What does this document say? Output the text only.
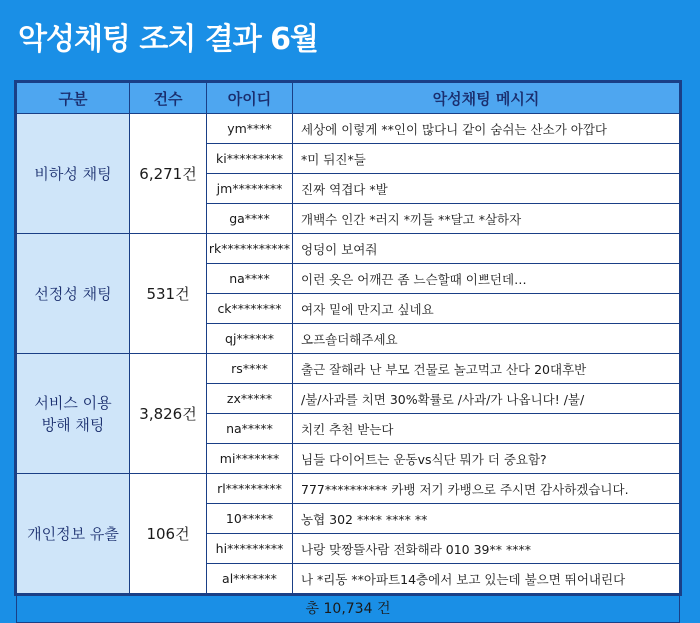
악성채팅 조치 결과 6월
구분	건수	아이디	악성채팅 메시지
비하성 채팅	6,271건	ym****	세상에 이렇게 **인이 많다니 같이 숨쉬는 산소가 아깝다
		ki*********	*미 뒤진*들
		jm********	진짜 역겹다 *발
		ga****	개백수 인간 *러지 *끼들 **달고 *살하자
선정성 채팅	531건	rk***********	엉덩이 보여줘
		na****	이런 옷은 어깨끈 좀 느슨할때 이쁘던데…
		ck********	여자 밑에 만지고 싶네요
		qj******	오프숄더해주세요
서비스 이용 방해 채팅	3,826건	rs****	출근 잘해라 난 부모 건물로 놀고먹고 산다 20대후반
		zx*****	/불/사과를 치면 30%확률로 /사과/가 나옵니다! /불/
		na*****	치킨 추천 받는다
		mi*******	님들 다이어트는 운동vs식단 뭐가 더 중요함?
개인정보 유출	106건	rl*********	777********** 카뱅 저기 카뱅으로 주시면 감사하겠습니다.
		10*****	농협 302 **** **** **
		hi*********	나랑 맞짱뜰사람 전화해라 010 39** ****
		al*******	나 *리동 **아파트14층에서 보고 있는데 불으면 뛰어내린다
총 10,734 건			
